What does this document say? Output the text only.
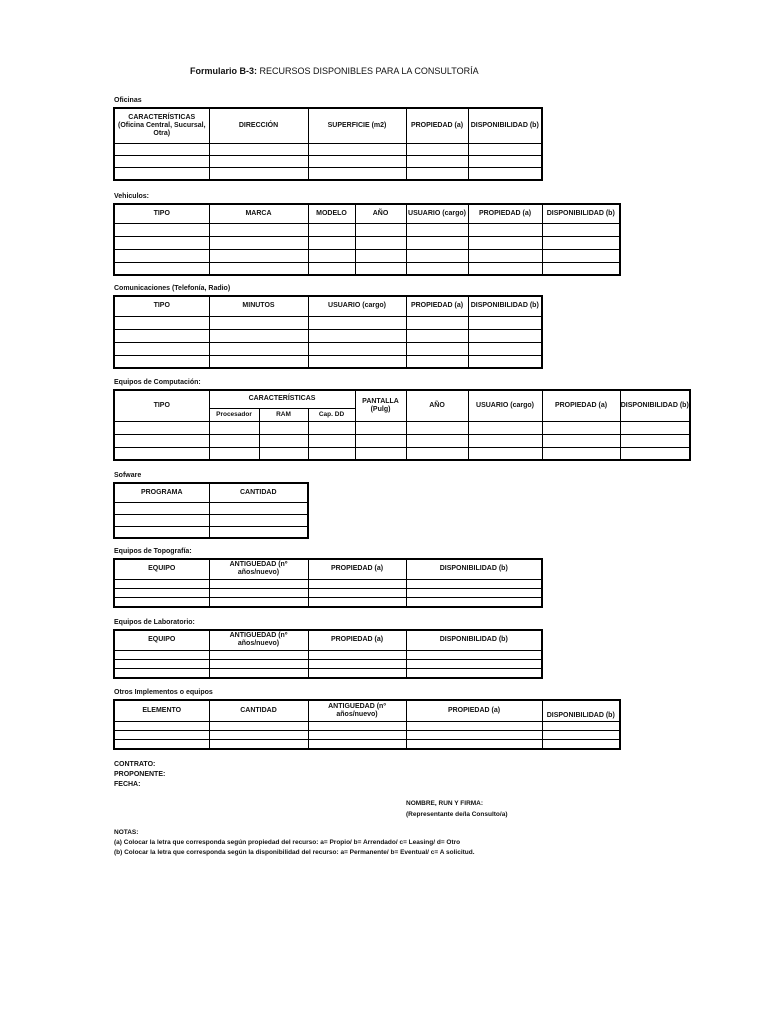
Formulario B-3: RECURSOS DISPONIBLES PARA LA CONSULTORÍA
Oficinas
CARACTERÍSTICAS (Oficina Central, Sucursal, Otra)	DIRECCIÓN	SUPERFICIE (m2)	PROPIEDAD (a)	DISPONIBILIDAD (b)

Vehiculos:
TIPO	MARCA	MODELO	AÑO	USUARIO (cargo)	PROPIEDAD (a)	DISPONIBILIDAD (b)

Comunicaciones (Telefonía, Radio)
TIPO	MINUTOS	USUARIO (cargo)	PROPIEDAD (a)	DISPONIBILIDAD (b)

Equipos de Computación:
TIPO	CARACTERÍSTICAS			PANTALLA (Pulg)	AÑO	USUARIO (cargo)	PROPIEDAD (a)	DISPONIBILIDAD (b)
	Procesador	RAM	Cap. DD					

Sofware
PROGRAMA	CANTIDAD

Equipos de Topografía:
EQUIPO	ANTIGUEDAD (nº años/nuevo)	PROPIEDAD (a)	DISPONIBILIDAD (b)

Equipos de Laboratorio:
EQUIPO	ANTIGUEDAD (nº años/nuevo)	PROPIEDAD (a)	DISPONIBILIDAD (b)

Otros Implementos o equipos
ELEMENTO	CANTIDAD	ANTIGUEDAD (nº años/nuevo)	PROPIEDAD (a)	DISPONIBILIDAD (b)

CONTRATO:
PROPONENTE:
FECHA:
NOMBRE, RUN Y FIRMA:
(Representante de/la Consulto/a)
NOTAS:
(a) Colocar la letra que corresponda según propiedad del recurso: a= Propio/ b= Arrendado/ c= Leasing/ d= Otro
(b) Colocar la letra que corresponda según la disponibilidad del recurso: a= Permanente/ b= Eventual/ c= A solicitud.
